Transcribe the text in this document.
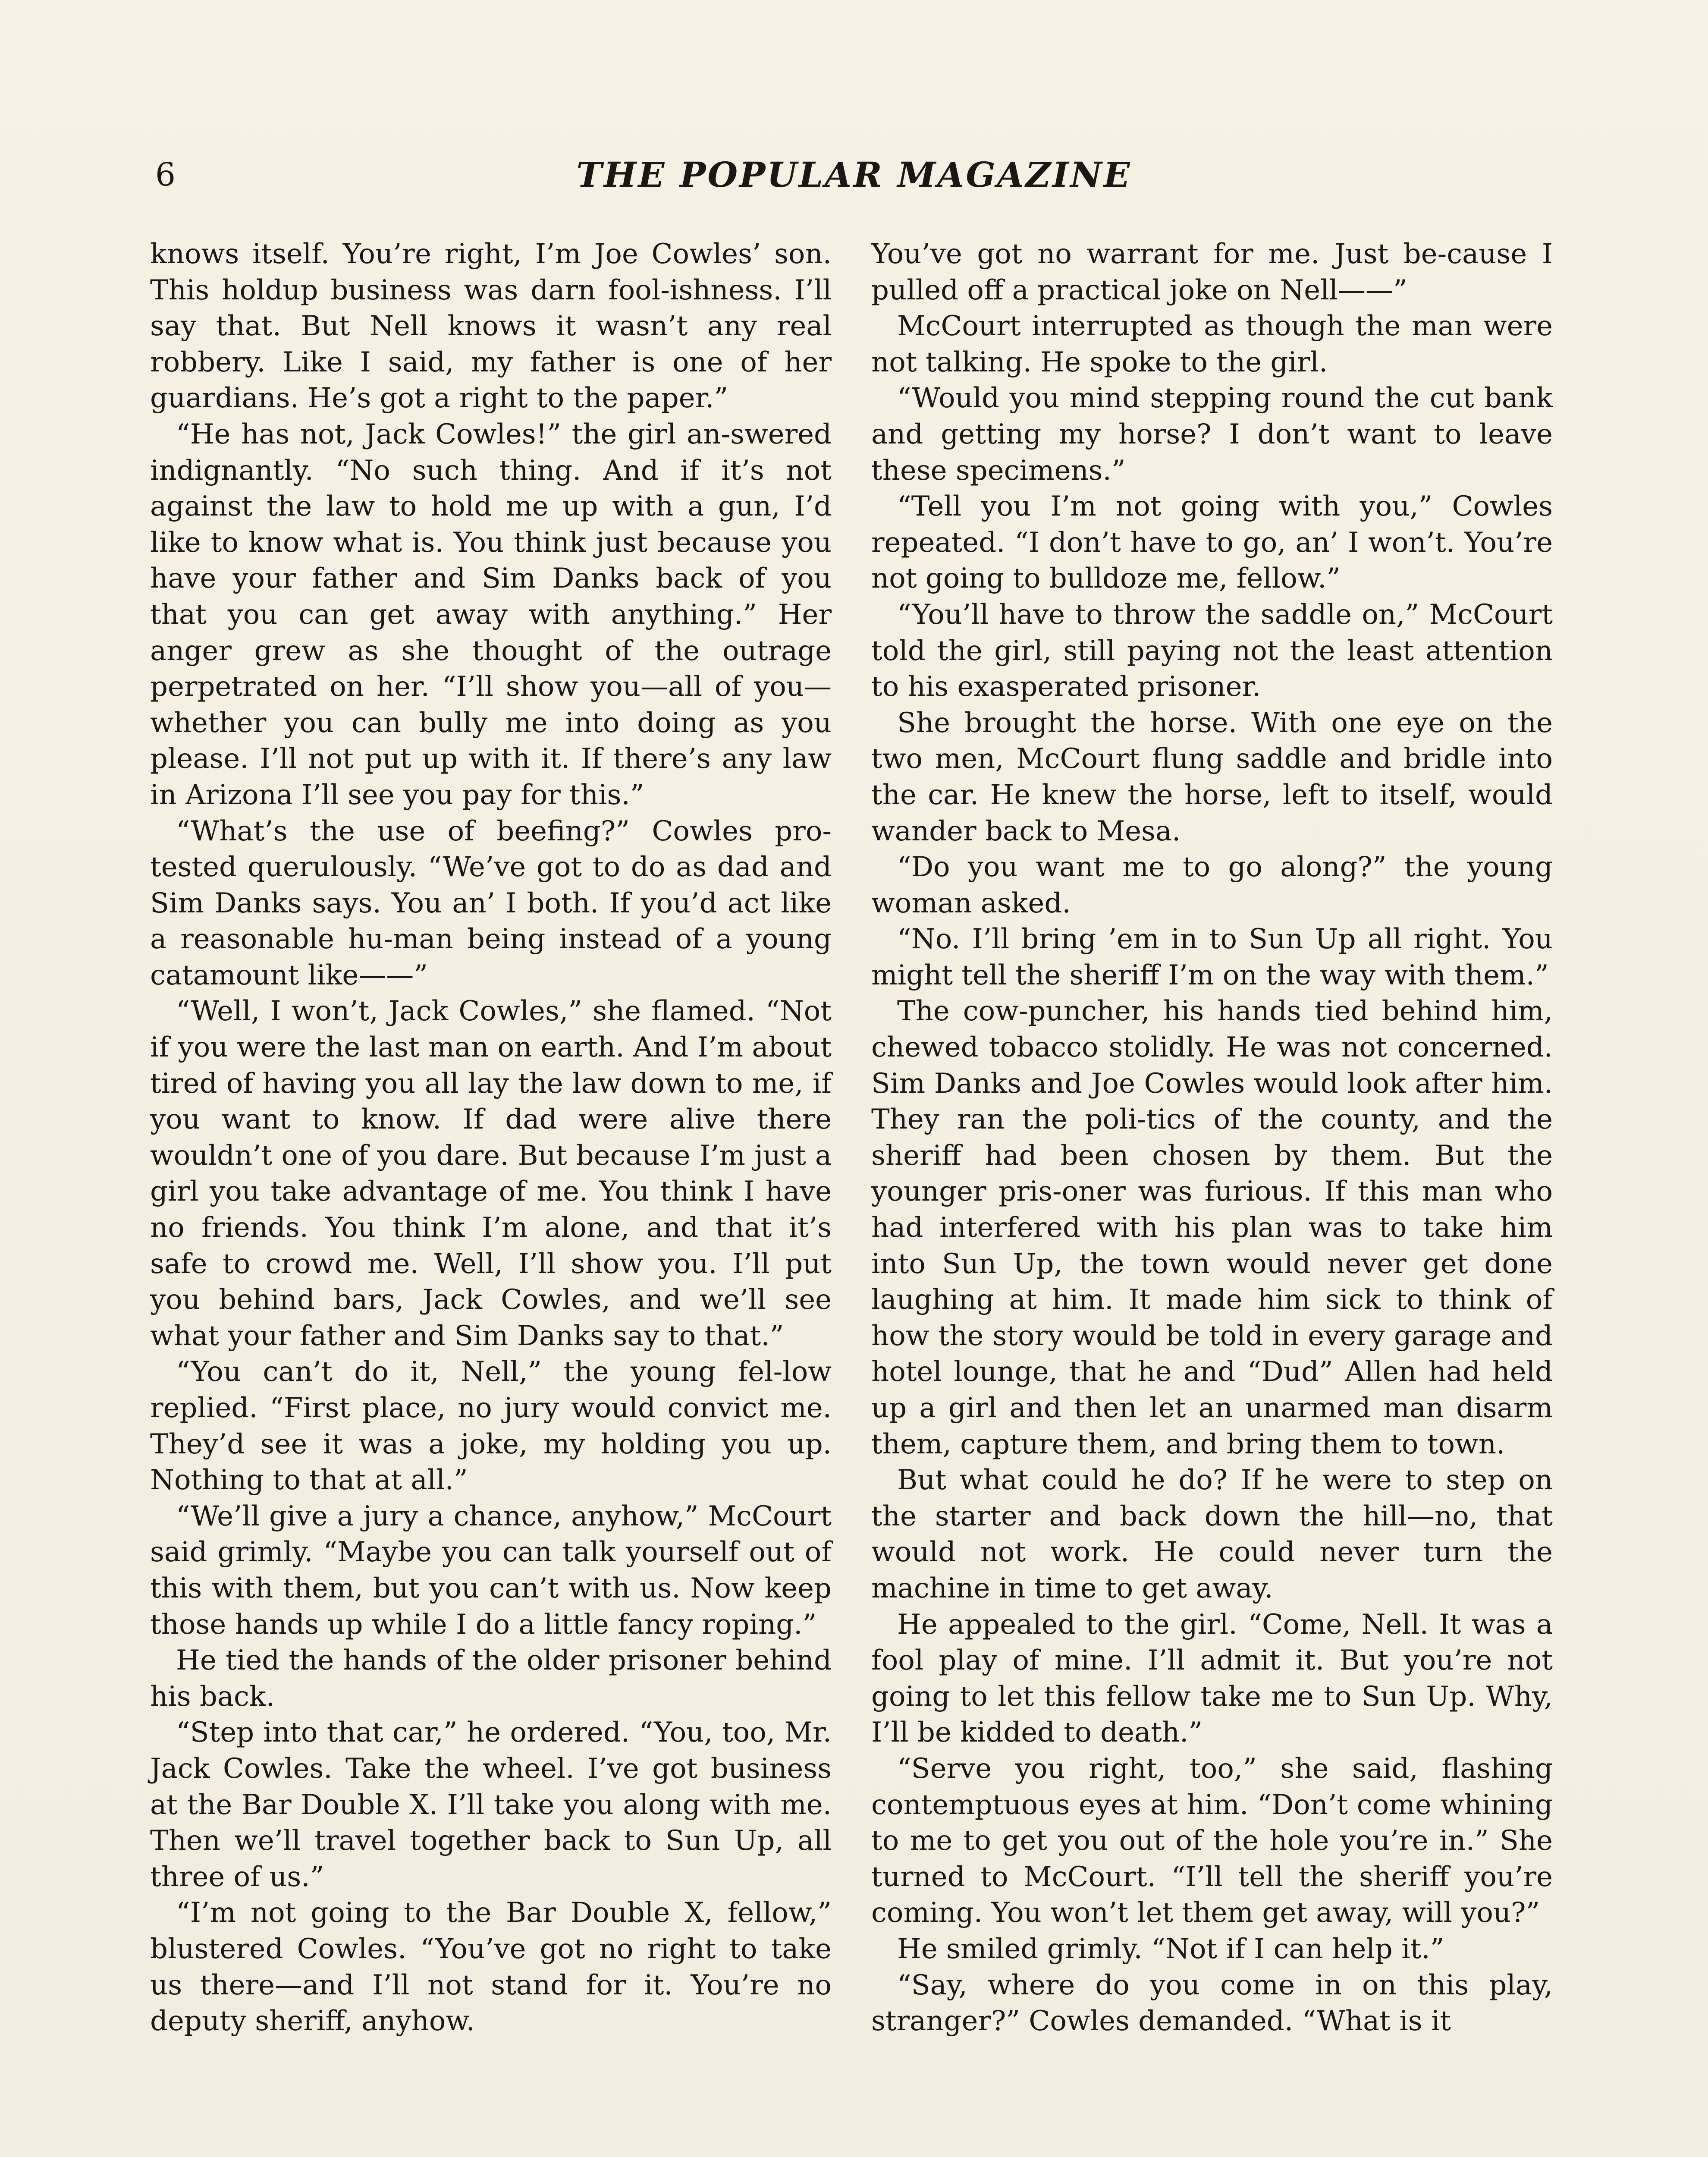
6	THE POPULAR MAGAZINE

knows itself. You’re right, I’m Joe Cowles’ son. This holdup business was darn fool-ishness. I’ll say that. But Nell knows it wasn’t any real robbery. Like I said, my father is one of her guardians. He’s got a right to the paper.”

“He has not, Jack Cowles!” the girl an-swered indignantly. “No such thing. And if it’s not against the law to hold me up with a gun, I’d like to know what is. You think just because you have your father and Sim Danks back of you that you can get away with anything.” Her anger grew as she thought of the outrage perpetrated on her. “I’ll show you—all of you—whether you can bully me into doing as you please. I’ll not put up with it. If there’s any law in Arizona I’ll see you pay for this.”

“What’s the use of beefing?” Cowles pro-tested querulously. “We’ve got to do as dad and Sim Danks says. You an’ I both. If you’d act like a reasonable hu-man being instead of a young catamount like——”

“Well, I won’t, Jack Cowles,” she flamed. “Not if you were the last man on earth. And I’m about tired of having you all lay the law down to me, if you want to know. If dad were alive there wouldn’t one of you dare. But because I’m just a girl you take advantage of me. You think I have no friends. You think I’m alone, and that it’s safe to crowd me. Well, I’ll show you. I’ll put you behind bars, Jack Cowles, and we’ll see what your father and Sim Danks say to that.”

“You can’t do it, Nell,” the young fel-low replied. “First place, no jury would convict me. They’d see it was a joke, my holding you up. Nothing to that at all.”

“We’ll give a jury a chance, anyhow,” McCourt said grimly. “Maybe you can talk yourself out of this with them, but you can’t with us. Now keep those hands up while I do a little fancy roping.”

He tied the hands of the older prisoner behind his back.

“Step into that car,” he ordered. “You, too, Mr. Jack Cowles. Take the wheel. I’ve got business at the Bar Double X. I’ll take you along with me. Then we’ll travel together back to Sun Up, all three of us.”

“I’m not going to the Bar Double X, fellow,” blustered Cowles. “You’ve got no right to take us there—and I’ll not stand for it. You’re no deputy sheriff, anyhow.

You’ve got no warrant for me. Just be-cause I pulled off a practical joke on Nell——”

McCourt interrupted as though the man were not talking. He spoke to the girl.

“Would you mind stepping round the cut bank and getting my horse? I don’t want to leave these specimens.”

“Tell you I’m not going with you,” Cowles repeated. “I don’t have to go, an’ I won’t. You’re not going to bulldoze me, fellow.”

“You’ll have to throw the saddle on,” McCourt told the girl, still paying not the least attention to his exasperated prisoner.

She brought the horse. With one eye on the two men, McCourt flung saddle and bridle into the car. He knew the horse, left to itself, would wander back to Mesa.

“Do you want me to go along?” the young woman asked.

“No. I’ll bring ’em in to Sun Up all right. You might tell the sheriff I’m on the way with them.”

The cow-puncher, his hands tied behind him, chewed tobacco stolidly. He was not concerned. Sim Danks and Joe Cowles would look after him. They ran the poli-tics of the county, and the sheriff had been chosen by them. But the younger pris-oner was furious. If this man who had interfered with his plan was to take him into Sun Up, the town would never get done laughing at him. It made him sick to think of how the story would be told in every garage and hotel lounge, that he and “Dud” Allen had held up a girl and then let an unarmed man disarm them, capture them, and bring them to town.

But what could he do? If he were to step on the starter and back down the hill—no, that would not work. He could never turn the machine in time to get away.

He appealed to the girl. “Come, Nell. It was a fool play of mine. I’ll admit it. But you’re not going to let this fellow take me to Sun Up. Why, I’ll be kidded to death.”

“Serve you right, too,” she said, flashing contemptuous eyes at him. “Don’t come whining to me to get you out of the hole you’re in.” She turned to McCourt. “I’ll tell the sheriff you’re coming. You won’t let them get away, will you?”

He smiled grimly. “Not if I can help it.”

“Say, where do you come in on this play, stranger?” Cowles demanded. “What is it
